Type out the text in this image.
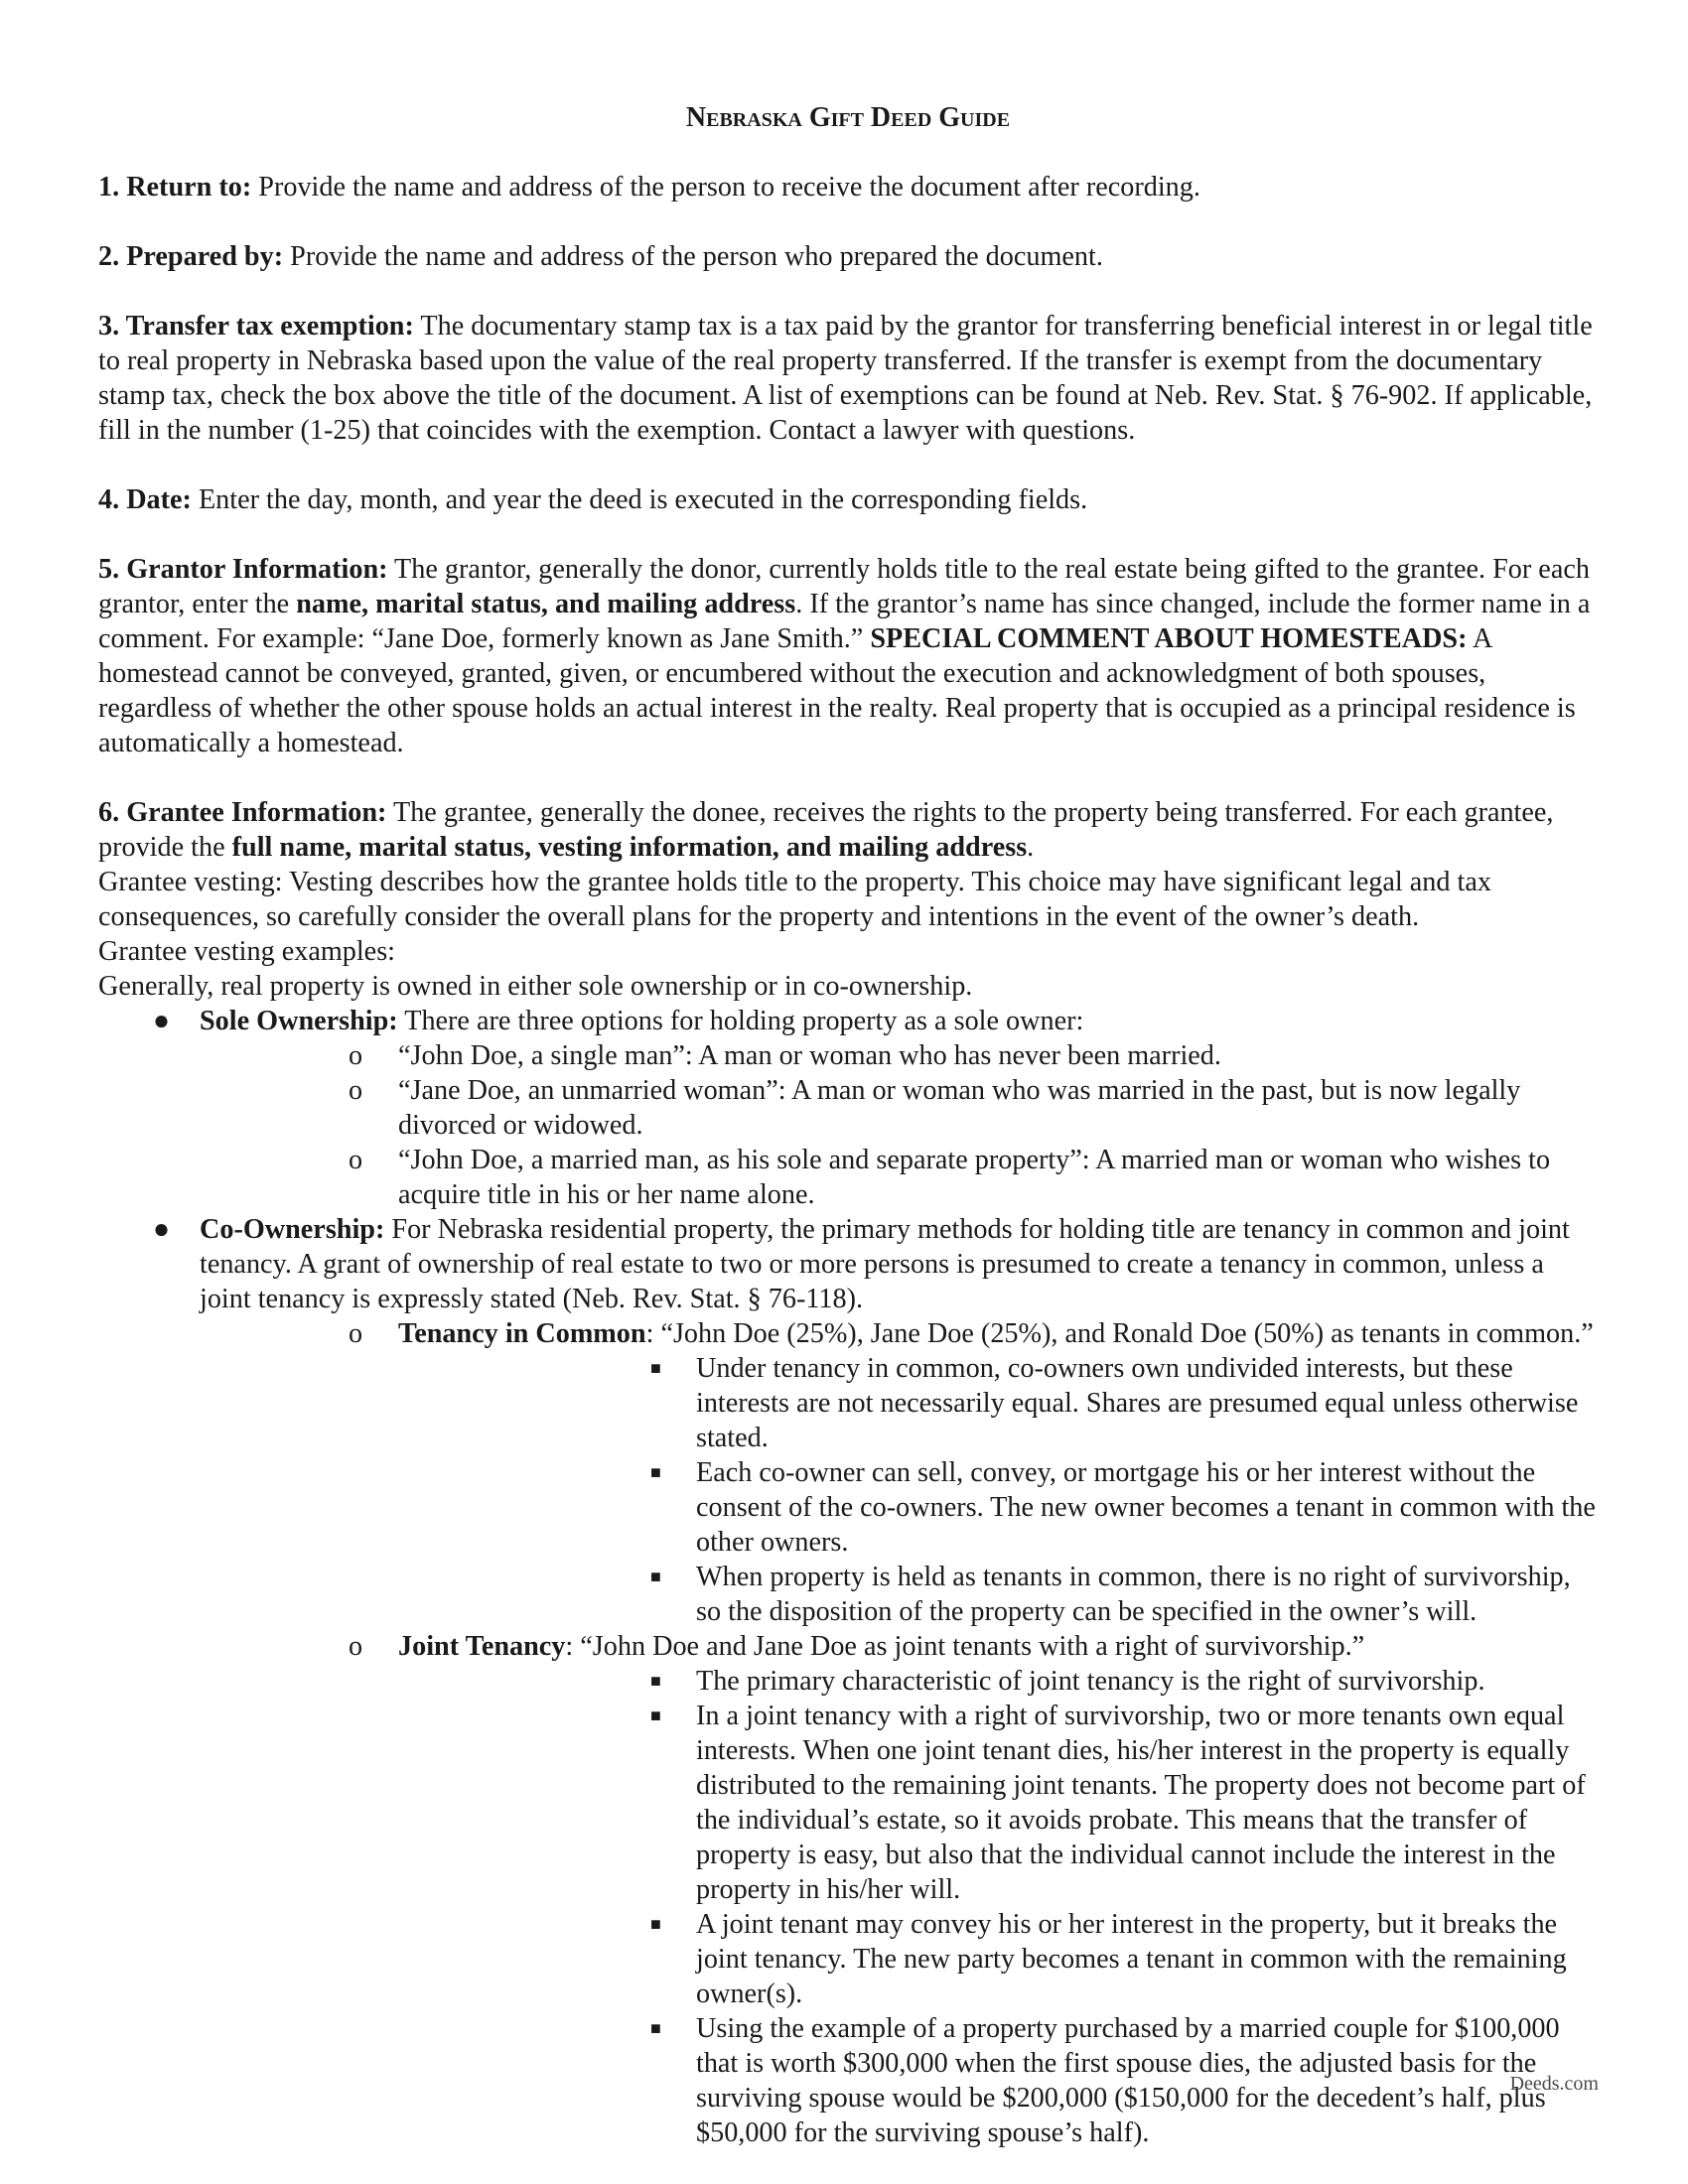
Nebraska Gift Deed Guide

1. Return to: Provide the name and address of the person to receive the document after recording.

2. Prepared by: Provide the name and address of the person who prepared the document.

3. Transfer tax exemption: The documentary stamp tax is a tax paid by the grantor for transferring beneficial interest in or legal title to real property in Nebraska based upon the value of the real property transferred. If the transfer is exempt from the documentary stamp tax, check the box above the title of the document. A list of exemptions can be found at Neb. Rev. Stat. § 76-902. If applicable, fill in the number (1-25) that coincides with the exemption. Contact a lawyer with questions.

4. Date: Enter the day, month, and year the deed is executed in the corresponding fields.

5. Grantor Information: The grantor, generally the donor, currently holds title to the real estate being gifted to the grantee. For each grantor, enter the name, marital status, and mailing address. If the grantor’s name has since changed, include the former name in a comment. For example: “Jane Doe, formerly known as Jane Smith.” SPECIAL COMMENT ABOUT HOMESTEADS: A homestead cannot be conveyed, granted, given, or encumbered without the execution and acknowledgment of both spouses, regardless of whether the other spouse holds an actual interest in the realty. Real property that is occupied as a principal residence is automatically a homestead.

6. Grantee Information: The grantee, generally the donee, receives the rights to the property being transferred. For each grantee, provide the full name, marital status, vesting information, and mailing address.

Grantee vesting: Vesting describes how the grantee holds title to the property. This choice may have significant legal and tax consequences, so carefully consider the overall plans for the property and intentions in the event of the owner’s death.

Grantee vesting examples:

Generally, real property is owned in either sole ownership or in co-ownership.

● Sole Ownership: There are three options for holding property as a sole owner:
o “John Doe, a single man”: A man or woman who has never been married.
o “Jane Doe, an unmarried woman”: A man or woman who was married in the past, but is now legally divorced or widowed.
o “John Doe, a married man, as his sole and separate property”: A married man or woman who wishes to acquire title in his or her name alone.
● Co-Ownership: For Nebraska residential property, the primary methods for holding title are tenancy in common and joint tenancy. A grant of ownership of real estate to two or more persons is presumed to create a tenancy in common, unless a joint tenancy is expressly stated (Neb. Rev. Stat. § 76-118).
o Tenancy in Common: “John Doe (25%), Jane Doe (25%), and Ronald Doe (50%) as tenants in common.”
■ Under tenancy in common, co-owners own undivided interests, but these interests are not necessarily equal. Shares are presumed equal unless otherwise stated.
■ Each co-owner can sell, convey, or mortgage his or her interest without the consent of the co-owners. The new owner becomes a tenant in common with the other owners.
■ When property is held as tenants in common, there is no right of survivorship, so the disposition of the property can be specified in the owner’s will.
o Joint Tenancy: “John Doe and Jane Doe as joint tenants with a right of survivorship.”
■ The primary characteristic of joint tenancy is the right of survivorship.
■ In a joint tenancy with a right of survivorship, two or more tenants own equal interests. When one joint tenant dies, his/her interest in the property is equally distributed to the remaining joint tenants. The property does not become part of the individual’s estate, so it avoids probate. This means that the transfer of property is easy, but also that the individual cannot include the interest in the property in his/her will.
■ A joint tenant may convey his or her interest in the property, but it breaks the joint tenancy. The new party becomes a tenant in common with the remaining owner(s).
■ Using the example of a property purchased by a married couple for $100,000 that is worth $300,000 when the first spouse dies, the adjusted basis for the surviving spouse would be $200,000 ($150,000 for the decedent’s half, plus $50,000 for the surviving spouse’s half).
Deeds.com
